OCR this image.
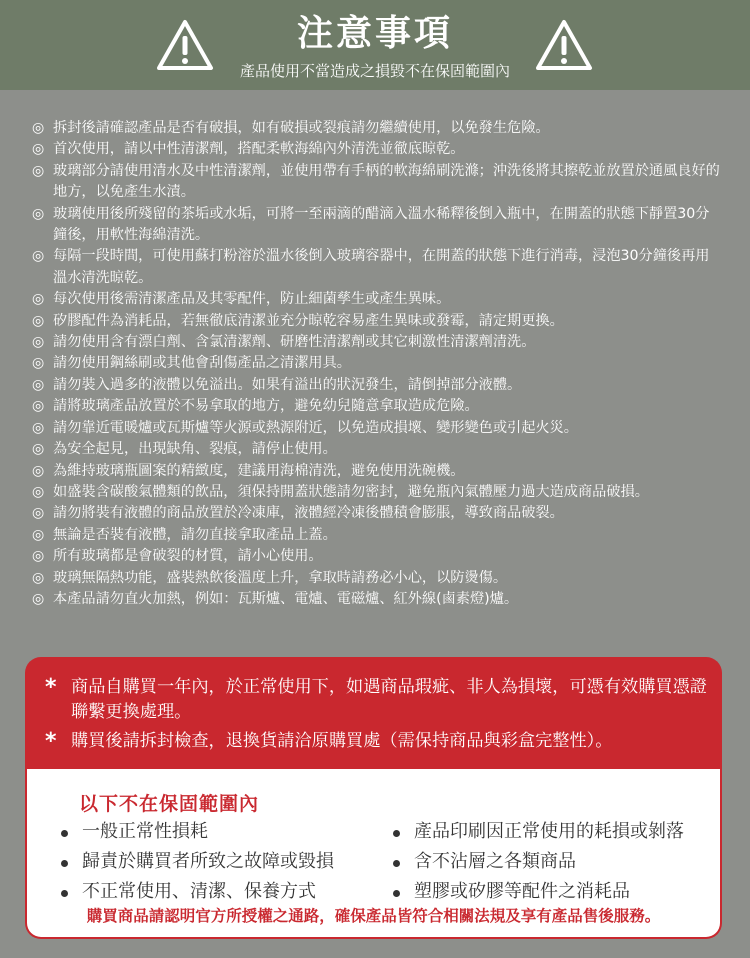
注意事項
產品使用不當造成之損毀不在保固範圍內
◎ 拆封後請確認產品是否有破損，如有破損或裂痕請勿繼續使用，以免發生危險。
◎ 首次使用，請以中性清潔劑，搭配柔軟海綿內外清洗並徹底晾乾。
◎ 玻璃部分請使用清水及中性清潔劑，並使用帶有手柄的軟海綿刷洗滌；沖洗後將其擦乾並放置於通風良好的地方，以免產生水漬。
◎ 玻璃使用後所殘留的茶垢或水垢，可將一至兩滴的醋滴入溫水稀釋後倒入瓶中，在開蓋的狀態下靜置30分鐘後，用軟性海綿清洗。
◎ 每隔一段時間，可使用蘇打粉溶於溫水後倒入玻璃容器中，在開蓋的狀態下進行消毒，浸泡30分鐘後再用溫水清洗晾乾。
◎ 每次使用後需清潔產品及其零配件，防止細菌孳生或產生異味。
◎ 矽膠配件為消耗品，若無徹底清潔並充分晾乾容易產生異味或發霉，請定期更換。
◎ 請勿使用含有漂白劑、含氯清潔劑、研磨性清潔劑或其它刺激性清潔劑清洗。
◎ 請勿使用鋼絲刷或其他會刮傷產品之清潔用具。
◎ 請勿裝入過多的液體以免溢出。如果有溢出的狀況發生，請倒掉部分液體。
◎ 請將玻璃產品放置於不易拿取的地方，避免幼兒隨意拿取造成危險。
◎ 請勿靠近電暖爐或瓦斯爐等火源或熱源附近，以免造成損壞、變形變色或引起火災。
◎ 為安全起見，出現缺角、裂痕，請停止使用。
◎ 為維持玻璃瓶圖案的精緻度，建議用海棉清洗，避免使用洗碗機。
◎ 如盛裝含碳酸氣體類的飲品，須保持開蓋狀態請勿密封，避免瓶內氣體壓力過大造成商品破損。
◎ 請勿將裝有液體的商品放置於冷凍庫，液體經冷凍後體積會膨脹，導致商品破裂。
◎ 無論是否裝有液體，請勿直接拿取產品上蓋。
◎ 所有玻璃都是會破裂的材質，請小心使用。
◎ 玻璃無隔熱功能，盛裝熱飲後溫度上升，拿取時請務必小心，以防燙傷。
◎ 本產品請勿直火加熱，例如：瓦斯爐、電爐、電磁爐、紅外線(鹵素燈)爐。
* 商品自購買一年內，於正常使用下，如遇商品瑕疵、非人為損壞，可憑有效購買憑證聯繫更換處理。
* 購買後請拆封檢查，退換貨請洽原購買處（需保持商品與彩盒完整性）。
以下不在保固範圍內
一般正常性損耗
歸責於購買者所致之故障或毀損
不正常使用、清潔、保養方式
產品印刷因正常使用的耗損或剝落
含不沾層之各類商品
塑膠或矽膠等配件之消耗品
購買商品請認明官方所授權之通路，確保產品皆符合相關法規及享有產品售後服務。
